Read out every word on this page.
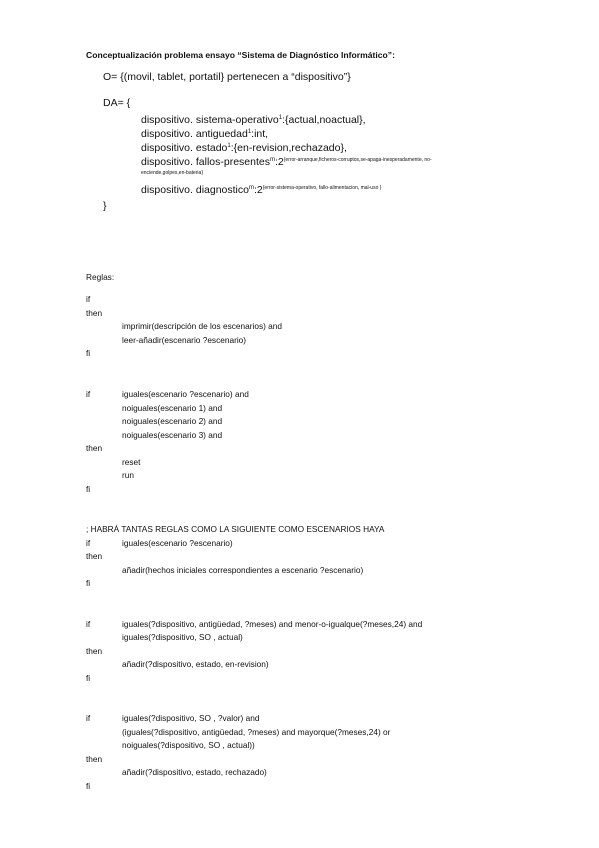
Conceptualización problema ensayo “Sistema de Diagnóstico Informático”:
O= {(movil, tablet, portatil} pertenecen a “dispositivo”}
DA= {
dispositivo. sistema-operativo$^1$:{actual,noactual},
dispositivo. antiguedad$^1$:int,
dispositivo. estado$^1$:{en-revision,rechazado},
dispositivo. fallos-$presentes^m:2^{\{error-arranque,ficheros-corruptos,se-apaga-inesperadamente, no-}$
enciende,golpes,en-bateria}
dispositivo. $diagnostico^m:2^{\{error-sistema-operativo, fallo-alimentacion, mal-uso \}}$
}
Reglas:
if
then
imprimir(descripción de los escenarios) and
leer-añadir(escenario ?escenario)
fi
if	iguales(escenario ?escenario) and
noiguales(escenario 1) and
noiguales(escenario 2) and
noiguales(escenario 3) and
then
reset
run
fi
; HABRÁ TANTAS REGLAS COMO LA SIGUIENTE COMO ESCENARIOS HAYA
if	iguales(escenario ?escenario)
then
añadir(hechos iniciales correspondientes a escenario ?escenario)
fi
if	iguales(?dispositivo, antigüedad, ?meses) and menor-o-igualque(?meses,24) and
iguales(?dispositivo, SO , actual)
then
añadir(?dispositivo, estado, en-revision)
fi
if	iguales(?dispositivo, SO , ?valor) and
(iguales(?dispositivo, antigüedad, ?meses) and mayorque(?meses,24) or
noiguales(?dispositivo, SO , actual))
then
añadir(?dispositivo, estado, rechazado)
fi
